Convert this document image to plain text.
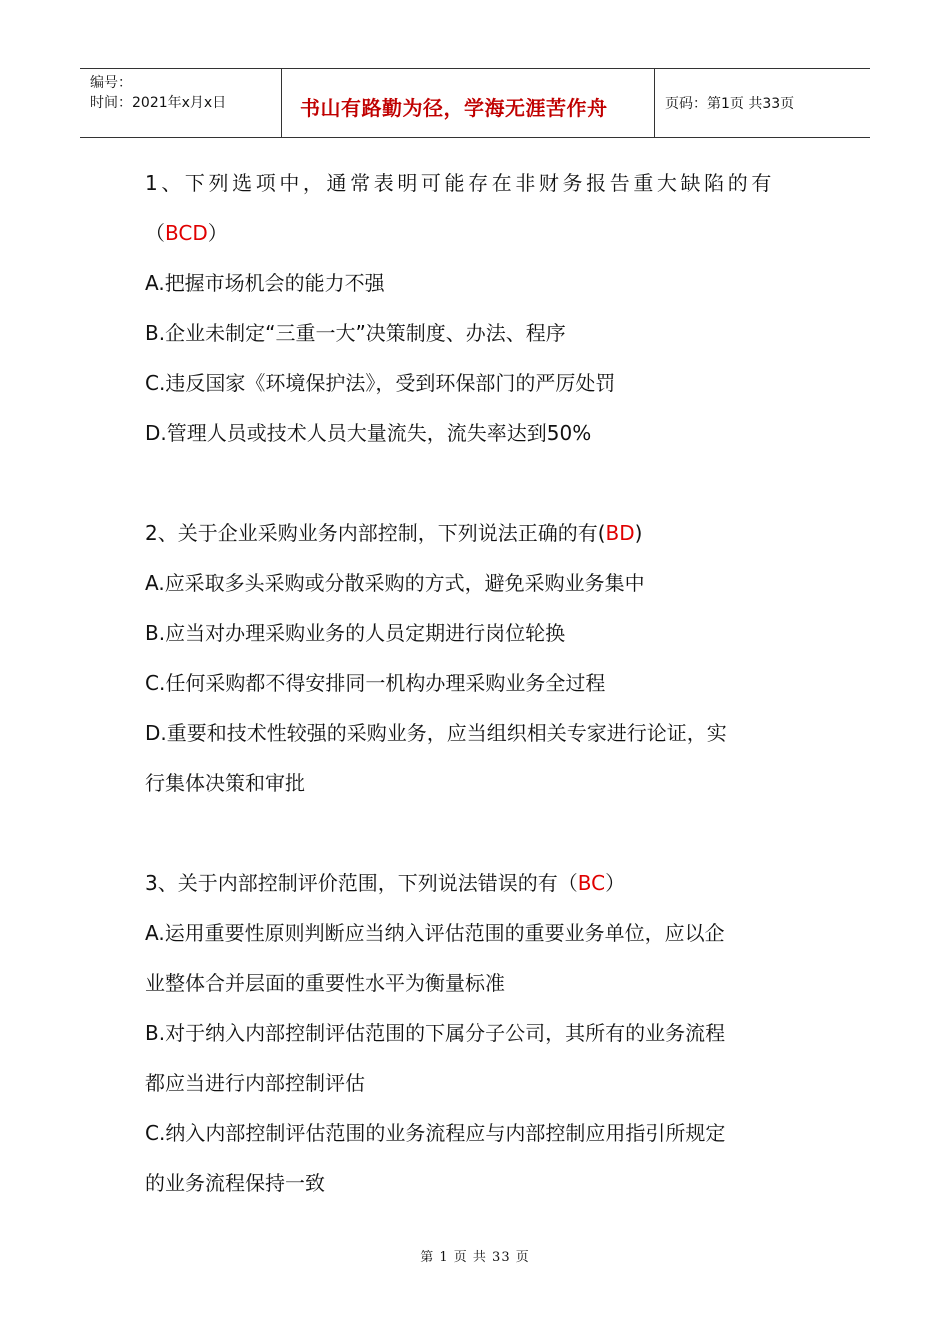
编号：
时间：2021年x月x日	书山有路勤为径，学海无涯苦作舟	页码：第1页 共33页
1、下列选项中，通常表明可能存在非财务报告重大缺陷的有
（BCD）
A.把握市场机会的能力不强
B.企业未制定“三重一大”决策制度、办法、程序
C.违反国家《环境保护法》，受到环保部门的严厉处罚
D.管理人员或技术人员大量流失，流失率达到50%
2、关于企业采购业务内部控制，下列说法正确的有(BD)
A.应采取多头采购或分散采购的方式，避免采购业务集中
B.应当对办理采购业务的人员定期进行岗位轮换
C.任何采购都不得安排同一机构办理采购业务全过程
D.重要和技术性较强的采购业务，应当组织相关专家进行论证，实
行集体决策和审批
3、关于内部控制评价范围，下列说法错误的有（BC）
A.运用重要性原则判断应当纳入评估范围的重要业务单位，应以企
业整体合并层面的重要性水平为衡量标准
B.对于纳入内部控制评估范围的下属分子公司，其所有的业务流程
都应当进行内部控制评估
C.纳入内部控制评估范围的业务流程应与内部控制应用指引所规定
的业务流程保持一致
第 1 页 共 33 页
